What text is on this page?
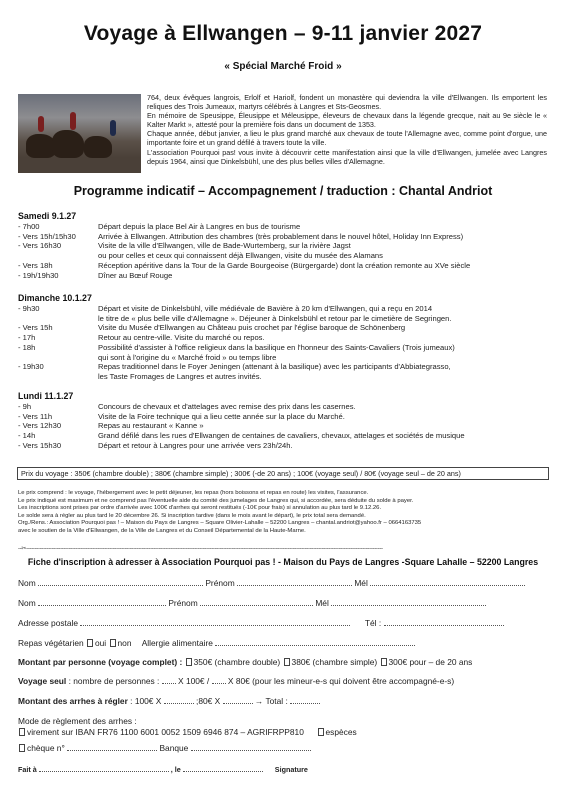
Voyage à Ellwangen – 9-11 janvier 2027
« Spécial Marché Froid »

764, deux évêques langrois, Erlolf et Hariolf, fondent un monastère qui deviendra la ville d'Ellwangen. Ils emportent les reliques des Trois Jumeaux, martyrs célébrés à Langres et Sts-Geosmes.

En mémoire de Speusippe, Éleusippe et Méleusippe, éleveurs de chevaux dans la légende grecque, nait au 9e siècle le « Kalter Markt », attesté pour la première fois dans un document de 1353.

Chaque année, début janvier, a lieu le plus grand marché aux chevaux de toute l'Allemagne avec, comme point d'orgue, une importante foire et un grand défilé à travers toute la ville.

L'association Pourquoi pas! vous invite à découvrir cette manifestation ainsi que la ville d'Ellwangen, jumelée avec Langres depuis 1964, ainsi que Dinkelsbühl, une des plus belles villes d'Allemagne.

Programme indicatif – Accompagnement / traduction : Chantal Andriot
Samedi 9.1.27
- 7h00	Départ depuis la place Bel Air à Langres en bus de tourisme
- Vers 15h/15h30	Arrivée à Ellwangen. Attribution des chambres (très probablement dans le nouvel hôtel, Holiday Inn Express)
- Vers 16h30	Visite de la ville d'Ellwangen, ville de Bade-Wurtemberg, sur la rivière Jagst
ou pour celles et ceux qui connaissent déjà Ellwangen, visite du musée des Alamans
- Vers 18h	Réception apéritive dans la Tour de la Garde Bourgeoise (Bürgergarde) dont la création remonte au XVe siècle
- 19h/19h30	Dîner au Bœuf Rouge
Dimanche 10.1.27
- 9h30	Départ et visite de Dinkelsbühl, ville médiévale de Bavière à 20 km d'Ellwangen, qui a reçu en 2014
le titre de « plus belle ville d'Allemagne ». Déjeuner à Dinkelsbühl et retour par le cimetière de Segringen.
- Vers 15h	Visite du Musée d'Ellwangen au Château puis crochet par l'église baroque de Schönenberg
- 17h	Retour au centre-ville. Visite du marché ou repos.
- 18h	Possibilité d'assister à l'office religieux dans la basilique en l'honneur des Saints-Cavaliers (Trois jumeaux)
qui sont à l'origine du « Marché froid » ou temps libre
- 19h30	Repas traditionnel dans le Foyer Jeningen (attenant à la basilique) avec les participants d'Abbiategrasso,
les Taste Fromages de Langres et autres invités.
Lundi 11.1.27
- 9h	Concours de chevaux et d'attelages avec remise des prix dans les casernes.
- Vers 11h	Visite de la Foire technique qui a lieu cette année sur la place du Marché.
- Vers 12h30	Repas au restaurant « Kanne »
- 14h	Grand défilé dans les rues d'Ellwangen de centaines de cavaliers, chevaux, attelages et sociétés de musique
- Vers 15h30	Départ et retour à Langres pour une arrivée vers 23h/24h.
Prix du voyage : 350€ (chambre double) ; 380€ (chambre simple) ; 300€ (-de 20 ans) ; 100€ (voyage seul) / 80€ (voyage seul – de 20 ans)
Le prix comprend : le voyage, l'hébergement avec le petit déjeuner, les repas (hors boissons et repas en route) les visites, l'assurance.
Le prix indiqué est maximum et ne comprend pas l'éventuelle aide du comité des jumelages de Langres qui, si accordée, sera déduite du solde à payer.
Les inscriptions sont prises par ordre d'arrivée avec 100€ d'arrhes qui seront restitués (-10€ pour frais) si annulation au plus tard le 9.12.26.
Le solde sera à régler au plus tard le 20 décembre 26. Si inscription tardive (dans le mois avant le départ), le prix total sera demandé.
Org./Rens.: Association Pourquoi pas ! – Maison du Pays de Langres – Square Olivier-Lahalle – 52200 Langres – chantal.andriot@yahoo.fr – 0664163735
avec le soutien de la Ville d'Ellwangen, de la Ville de Langres et du Conseil Départemental de la Haute-Marne.
--✂------------------------------------------------------------------------------------------------------------------------------------------------------------------------------------------------------------------
Fiche d'inscription à adresser à Association Pourquoi pas ! - Maison du Pays de Langres -Square Lahalle – 52200 Langres
Nom	Prénom	Mél
Nom	Prénom	Mél
Adresse postale	Tél :
Repas végétarien oui non Allergie alimentaire
Montant par personne (voyage complet) : 350€ (chambre double) 380€ (chambre simple) 300€ pour – de 20 ans
Voyage seul : nombre de personnes : X 100€ / X 80€ (pour les mineur-e-s qui doivent être accompagné-e-s)
Montant des arrhes à régler : 100€ X	;80€ X	→ Total :
Mode de règlement des arrhes :
virement sur IBAN FR76 1100 6001 0052 1509 6946 874 – AGRIFRPP810	espèces
chèque n°	Banque
Fait à	, le	Signature
